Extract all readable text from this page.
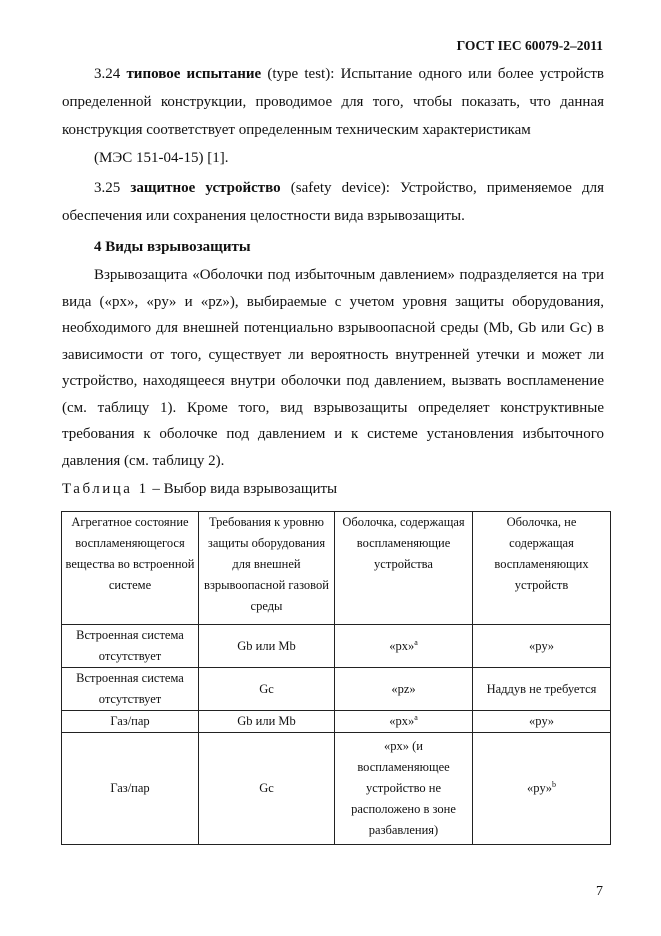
ГОСТ IEC 60079-2–2011

3.24 типовое испытание (type test): Испытание одного или более устройств определенной конструкции, проводимое для того, чтобы показать, что данная конструкция соответствует определенным техническим характеристикам

(МЭС 151-04-15) [1].

3.25 защитное устройство (safety device): Устройство, применяемое для обеспечения или сохранения целостности вида взрывозащиты.

4 Виды взрывозащиты

Взрывозащита «Оболочки под избыточным давлением» подразделяется на три вида («px», «py» и «pz»), выбираемые с учетом уровня защиты оборудования, необходимого для внешней потенциально взрывоопасной среды (Mb, Gb или Gc) в зависимости от того, существует ли вероятность внутренней утечки и может ли устройство, находящееся внутри оболочки под давлением, вызвать воспламенение (см. таблицу 1). Кроме того, вид взрывозащиты определяет конструктивные требования к оболочке под давлением и к системе установления избыточного давления (см. таблицу 2).

Таблица 1 – Выбор вида взрывозащиты
Агрегатное состояние воспламеняющегося вещества во встроенной системе	Требования к уровню защиты оборудования для внешней взрывоопасной газовой среды	Оболочка, содержащая воспламеняющие устройства	Оболочка, не содержащая воспламеняющих устройств
Встроенная система отсутствует	Gb или Mb	«px»$^a$	«py»
Встроенная система отсутствует	Gc	«pz»	Наддув не требуется
Газ/пар	Gb или Mb	«px»$^a$	«py»
Газ/пар	Gc	«px» (и воспламеняющее устройство не расположено в зоне разбавления)	«py»$^b$
7
